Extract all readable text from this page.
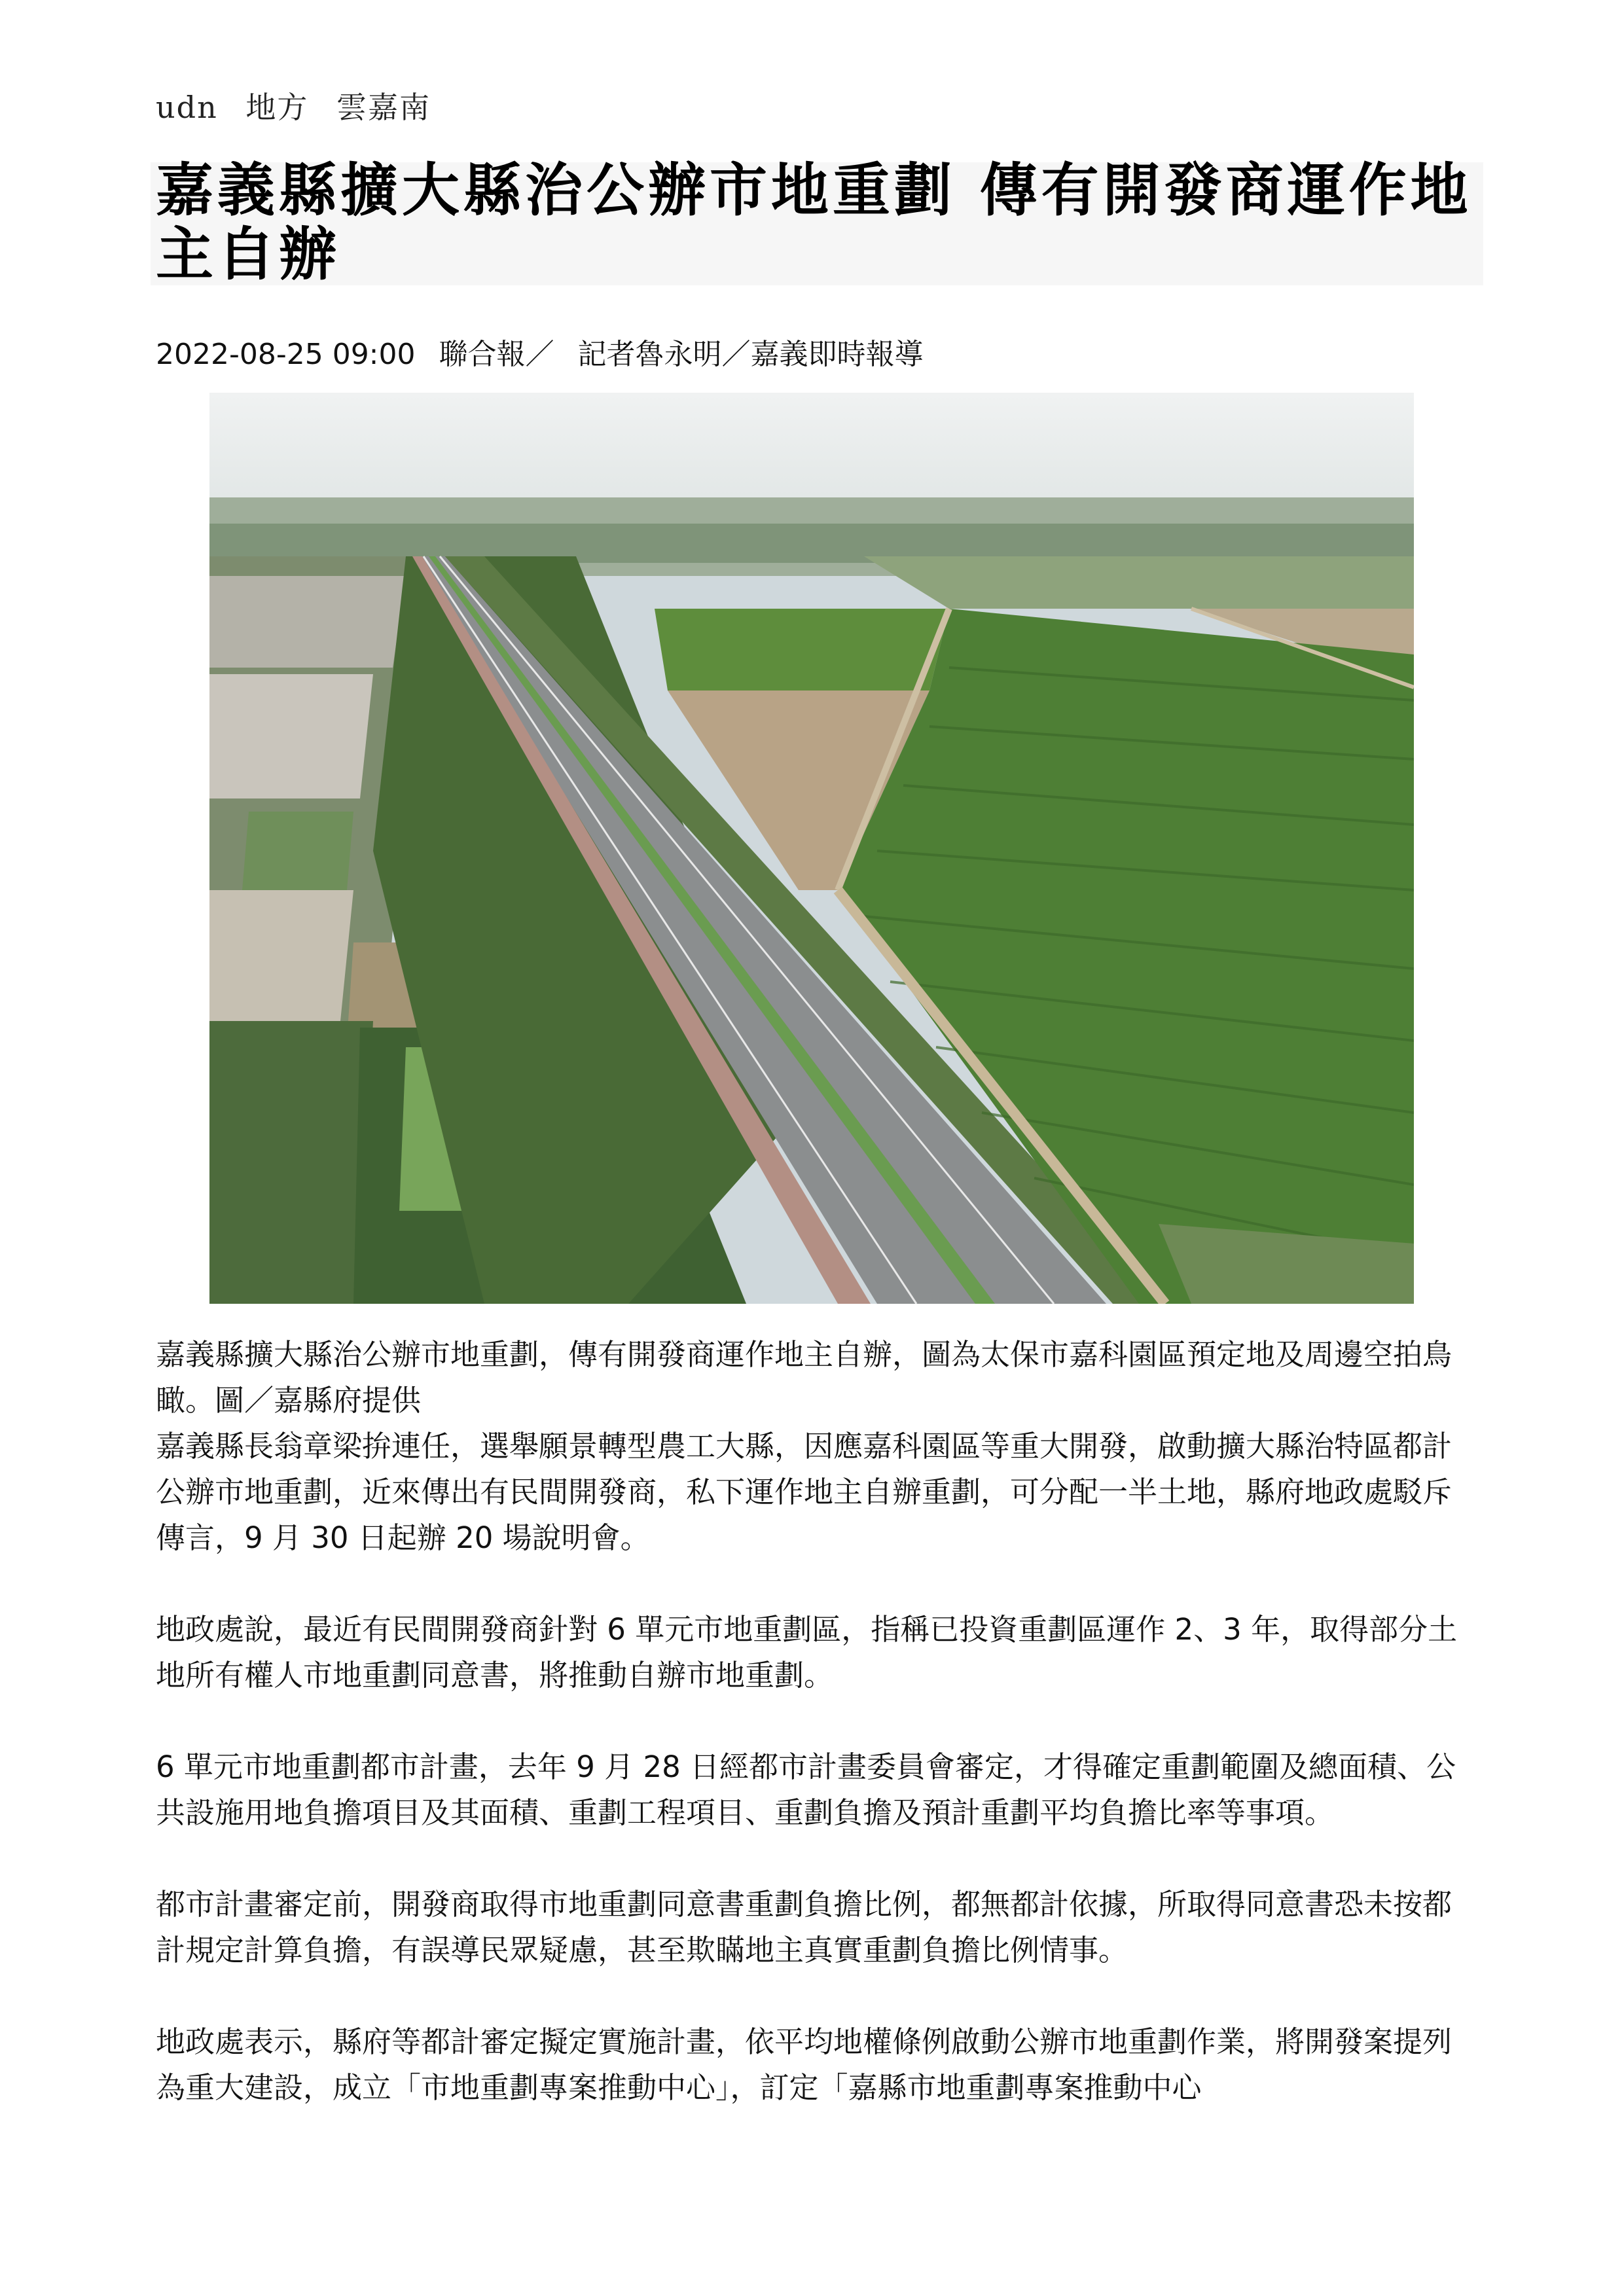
udn 地方 雲嘉南
嘉義縣擴大縣治公辦市地重劃 傳有開發商運作地主自辦
2022-08-25 09:00 聯合報／ 記者魯永明／嘉義即時報導

嘉義縣擴大縣治公辦市地重劃，傳有開發商運作地主自辦，圖為太保市嘉科園區預定地及周邊空拍鳥瞰。圖／嘉縣府提供

嘉義縣長翁章梁拚連任，選舉願景轉型農工大縣，因應嘉科園區等重大開發，啟動擴大縣治特區都計公辦市地重劃，近來傳出有民間開發商，私下運作地主自辦重劃，可分配一半土地，縣府地政處駁斥傳言，9 月 30 日起辦 20 場說明會。

地政處說，最近有民間開發商針對 6 單元市地重劃區，指稱已投資重劃區運作 2、3 年，取得部分土地所有權人市地重劃同意書，將推動自辦市地重劃。

6 單元市地重劃都市計畫，去年 9 月 28 日經都市計畫委員會審定，才得確定重劃範圍及總面積、公共設施用地負擔項目及其面積、重劃工程項目、重劃負擔及預計重劃平均負擔比率等事項。

都市計畫審定前，開發商取得市地重劃同意書重劃負擔比例，都無都計依據，所取得同意書恐未按都計規定計算負擔，有誤導民眾疑慮，甚至欺瞞地主真實重劃負擔比例情事。

地政處表示，縣府等都計審定擬定實施計畫，依平均地權條例啟動公辦市地重劃作業，將開發案提列為重大建設，成立「市地重劃專案推動中心」，訂定「嘉縣市地重劃專案推動中心
